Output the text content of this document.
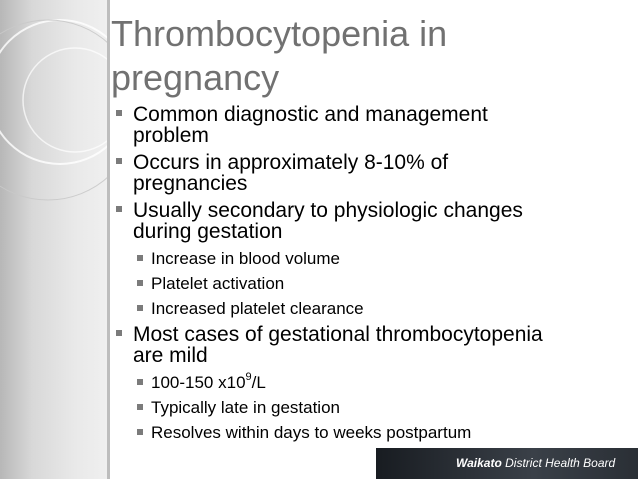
Thrombocytopenia in
pregnancy
Common diagnostic and management
problem
Occurs in approximately 8-10% of
pregnancies
Usually secondary to physiologic changes
during gestation
Increase in blood volume
Platelet activation
Increased platelet clearance
Most cases of gestational thrombocytopenia
are mild
100-150 $x10^9/L$
Typically late in gestation
Resolves within days to weeks postpartum
Waikato District Health Board
